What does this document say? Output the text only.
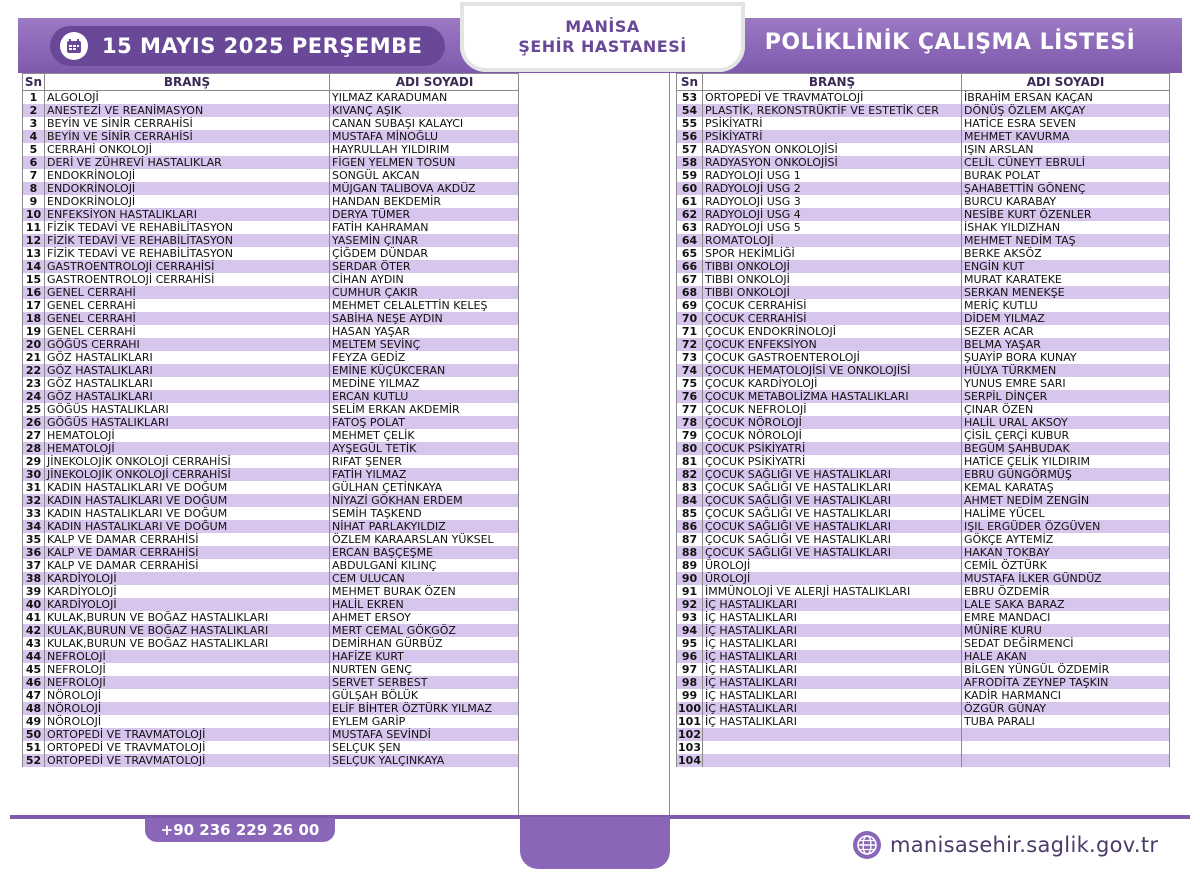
15 MAYIS 2025 PERŞEMBE
MANİSA
ŞEHİR HASTANESİ	POLİKLİNİK ÇALIŞMA LİSTESİ
Sn	BRANŞ	ADI SOYADI
1	ALGOLOJİ	YILMAZ KARADUMAN
2	ANESTEZİ VE REANİMASYON	KIVANÇ AŞIK
3	BEYİN VE SİNİR CERRAHİSİ	CANAN SUBAŞI KALAYCI
4	BEYİN VE SİNİR CERRAHİSİ	MUSTAFA MİNOĞLU
5	CERRAHİ ONKOLOJİ	HAYRULLAH YILDIRIM
6	DERİ VE ZÜHREVİ HASTALIKLAR	FİGEN YELMEN TOSUN
7	ENDOKRİNOLOJİ	SONGÜL AKCAN
8	ENDOKRİNOLOJİ	MÜJGAN TALIBOVA AKDÜZ
9	ENDOKRİNOLOJİ	HANDAN BEKDEMİR
10	ENFEKSİYON HASTALIKLARI	DERYA TÜMER
11	FİZİK TEDAVİ VE REHABİLİTASYON	FATİH KAHRAMAN
12	FİZİK TEDAVİ VE REHABİLİTASYON	YASEMİN ÇINAR
13	FİZİK TEDAVİ VE REHABİLİTASYON	ÇİĞDEM DÜNDAR
14	GASTROENTROLOJİ CERRAHİSİ	SERDAR ÖTER
15	GASTROENTROLOJİ CERRAHİSİ	CİHAN AYDIN
16	GENEL CERRAHİ	CUMHUR ÇAKIR
17	GENEL CERRAHİ	MEHMET CELALETTİN KELEŞ
18	GENEL CERRAHİ	SABİHA NEŞE AYDIN
19	GENEL CERRAHİ	HASAN YAŞAR
20	GÖĞÜS CERRAHI	MELTEM SEVİNÇ
21	GÖZ HASTALIKLARI	FEYZA GEDİZ
22	GÖZ HASTALIKLARI	EMİNE KÜÇÜKCERAN
23	GÖZ HASTALIKLARI	MEDİNE YILMAZ
24	GÖZ HASTALIKLARI	ERCAN KUTLU
25	GÖĞÜS HASTALIKLARI	SELİM ERKAN AKDEMİR
26	GÖĞÜS HASTALIKLARI	FATOŞ POLAT
27	HEMATOLOJİ	MEHMET ÇELİK
28	HEMATOLOJİ	AYŞEGÜL TETİK
29	JİNEKOLOJİK ONKOLOJİ CERRAHİSİ	RIFAT ŞENER
30	JİNEKOLOJİK ONKOLOJİ CERRAHİSİ	FATİH YILMAZ
31	KADIN HASTALIKLARI VE DOĞUM	GÜLHAN ÇETİNKAYA
32	KADIN HASTALIKLARI VE DOĞUM	NİYAZİ GÖKHAN ERDEM
33	KADIN HASTALIKLARI VE DOĞUM	SEMİH TAŞKEND
34	KADIN HASTALIKLARI VE DOĞUM	NİHAT PARLAKYILDIZ
35	KALP VE DAMAR CERRAHİSİ	ÖZLEM KARAARSLAN YÜKSEL
36	KALP VE DAMAR CERRAHİSİ	ERCAN BAŞÇEŞME
37	KALP VE DAMAR CERRAHİSİ	ABDULGANİ KILINÇ
38	KARDİYOLOJİ	CEM ULUCAN
39	KARDİYOLOJİ	MEHMET BURAK ÖZEN
40	KARDİYOLOJİ	HALİL EKREN
41	KULAK,BURUN VE BOĞAZ HASTALIKLARI	AHMET ERSOY
42	KULAK,BURUN VE BOĞAZ HASTALIKLARI	MERT CEMAL GÖKGÖZ
43	KULAK,BURUN VE BOĞAZ HASTALIKLARI	DEMİRHAN GÜRBÜZ
44	NEFROLOJİ	HAFİZE KURT
45	NEFROLOJİ	NURTEN GENÇ
46	NEFROLOJİ	SERVET SERBEST
47	NÖROLOJİ	GÜLŞAH BÖLÜK
48	NÖROLOJİ	ELİF BİHTER ÖZTÜRK YILMAZ
49	NÖROLOJİ	EYLEM GARİP
50	ORTOPEDİ VE TRAVMATOLOJİ	MUSTAFA SEVİNDİ
51	ORTOPEDİ VE TRAVMATOLOJİ	SELÇUK ŞEN
52	ORTOPEDİ VE TRAVMATOLOJİ	SELÇUK YALÇINKAYA
Sn	BRANŞ	ADI SOYADI
53	ORTOPEDİ VE TRAVMATOLOJİ	İBRAHİM ERSAN KAÇAN
54	PLASTİK, REKONSTRÜKTİF VE ESTETİK CER	DÖNÜŞ ÖZLEM AKÇAY
55	PSİKİYATRİ	HATİCE ESRA SEVEN
56	PSİKİYATRİ	MEHMET KAVURMA
57	RADYASYON ONKOLOJİSİ	IŞIN ARSLAN
58	RADYASYON ONKOLOJİSİ	CELİL CÜNEYT EBRULİ
59	RADYOLOJİ USG 1	BURAK POLAT
60	RADYOLOJİ USG 2	ŞAHABETTİN GÖNENÇ
61	RADYOLOJİ USG 3	BURCU KARABAY
62	RADYOLOJİ USG 4	NESİBE KURT ÖZENLER
63	RADYOLOJİ USG 5	İSHAK YILDIZHAN
64	ROMATOLOJİ	MEHMET NEDİM TAŞ
65	SPOR HEKİMLİĞİ	BERKE AKSÖZ
66	TIBBI ONKOLOJİ	ENGİN KUT
67	TIBBI ONKOLOJİ	MURAT KARATEKE
68	TIBBI ONKOLOJİ	SERKAN MENEKŞE
69	ÇOCUK CERRAHİSİ	MERİÇ KUTLU
70	ÇOCUK CERRAHİSİ	DİDEM YILMAZ
71	ÇOCUK ENDOKRİNOLOJİ	SEZER ACAR
72	ÇOCUK ENFEKSİYON	BELMA YAŞAR
73	ÇOCUK GASTROENTEROLOJİ	ŞUAYİP BORA KUNAY
74	ÇOCUK HEMATOLOJİSİ VE ONKOLOJİSİ	HÜLYA TÜRKMEN
75	ÇOCUK KARDİYOLOJİ	YUNUS EMRE SARI
76	ÇOCUK METABOLİZMA HASTALIKLARI	SERPİL DİNÇER
77	ÇOCUK NEFROLOJİ	ÇINAR ÖZEN
78	ÇOCUK NÖROLOJİ	HALİL URAL AKSOY
79	ÇOCUK NÖROLOJİ	ÇİSİL ÇERÇİ KUBUR
80	ÇOCUK PSİKİYATRİ	BEGÜM ŞAHBUDAK
81	ÇOCUK PSİKİYATRİ	HATİCE ÇELİK YILDIRIM
82	ÇOCUK SAĞLIĞI VE HASTALIKLARI	EBRU GÜNGÖRMÜŞ
83	ÇOCUK SAĞLIĞI VE HASTALIKLARI	KEMAL KARATAŞ
84	ÇOCUK SAĞLIĞI VE HASTALIKLARI	AHMET NEDİM ZENGİN
85	ÇOCUK SAĞLIĞI VE HASTALIKLARI	HALİME YÜCEL
86	ÇOCUK SAĞLIĞI VE HASTALIKLARI	IŞIL ERGÜDER ÖZGÜVEN
87	ÇOCUK SAĞLIĞI VE HASTALIKLARI	GÖKÇE AYTEMİZ
88	ÇOCUK SAĞLIĞI VE HASTALIKLARI	HAKAN TOKBAY
89	ÜROLOJİ	CEMİL ÖZTÜRK
90	ÜROLOJİ	MUSTAFA İLKER GÜNDÜZ
91	İMMÜNOLOJİ VE ALERJİ HASTALIKLARI	EBRU ÖZDEMİR
92	İÇ HASTALIKLARI	LALE SAKA BARAZ
93	İÇ HASTALIKLARI	EMRE MANDACI
94	İÇ HASTALIKLARI	MÜNİRE KURU
95	İÇ HASTALIKLARI	SEDAT DEĞİRMENCİ
96	İÇ HASTALIKLARI	HALE AKAN
97	İÇ HASTALIKLARI	BİLGEN YÜNGÜL ÖZDEMİR
98	İÇ HASTALIKLARI	AFRODİTA ZEYNEP TAŞKIN
99	İÇ HASTALIKLARI	KADİR HARMANCI
100	İÇ HASTALIKLARI	ÖZGÜR GÜNAY
101	İÇ HASTALIKLARI	TUBA PARALI
102		
103		
104		
+90 236 229 26 00
manisasehir.saglik.gov.tr
